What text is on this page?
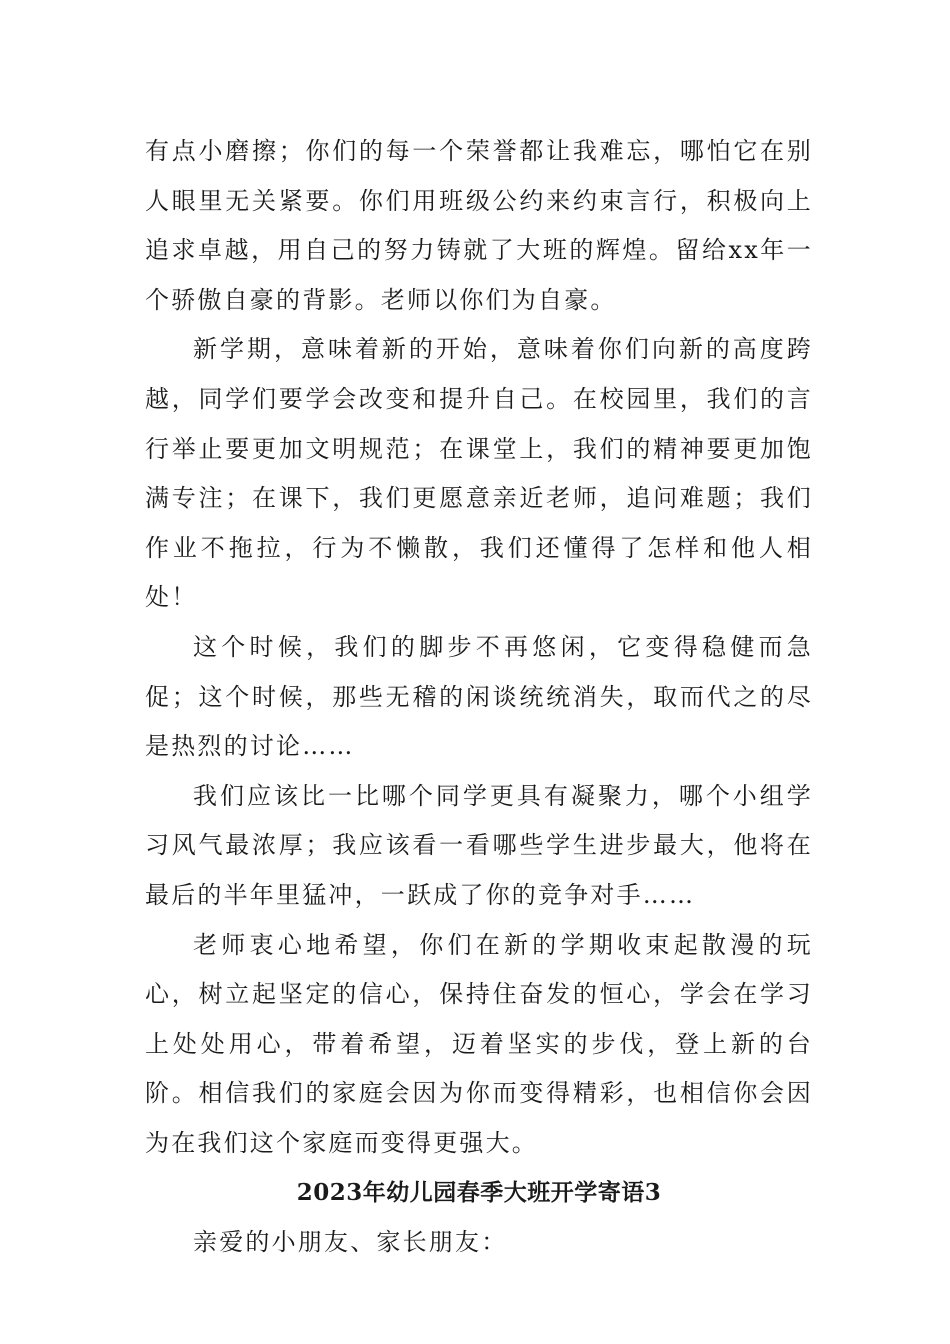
有点小磨擦；你们的每一个荣誉都让我难忘，哪怕它在别人眼里无关紧要。你们用班级公约来约束言行，积极向上追求卓越，用自己的努力铸就了大班的辉煌。留给xx年一个骄傲自豪的背影。老师以你们为自豪。

新学期，意味着新的开始，意味着你们向新的高度跨越，同学们要学会改变和提升自己。在校园里，我们的言行举止要更加文明规范；在课堂上，我们的精神要更加饱满专注；在课下，我们更愿意亲近老师，追问难题；我们作业不拖拉，行为不懒散，我们还懂得了怎样和他人相处！

这个时候，我们的脚步不再悠闲，它变得稳健而急促；这个时候，那些无稽的闲谈统统消失，取而代之的尽是热烈的讨论……

我们应该比一比哪个同学更具有凝聚力，哪个小组学习风气最浓厚；我应该看一看哪些学生进步最大，他将在最后的半年里猛冲，一跃成了你的竞争对手……

老师衷心地希望，你们在新的学期收束起散漫的玩心，树立起坚定的信心，保持住奋发的恒心，学会在学习上处处用心，带着希望，迈着坚实的步伐，登上新的台阶。相信我们的家庭会因为你而变得精彩，也相信你会因为在我们这个家庭而变得更强大。

2023年幼儿园春季大班开学寄语3

亲爱的小朋友、家长朋友：
